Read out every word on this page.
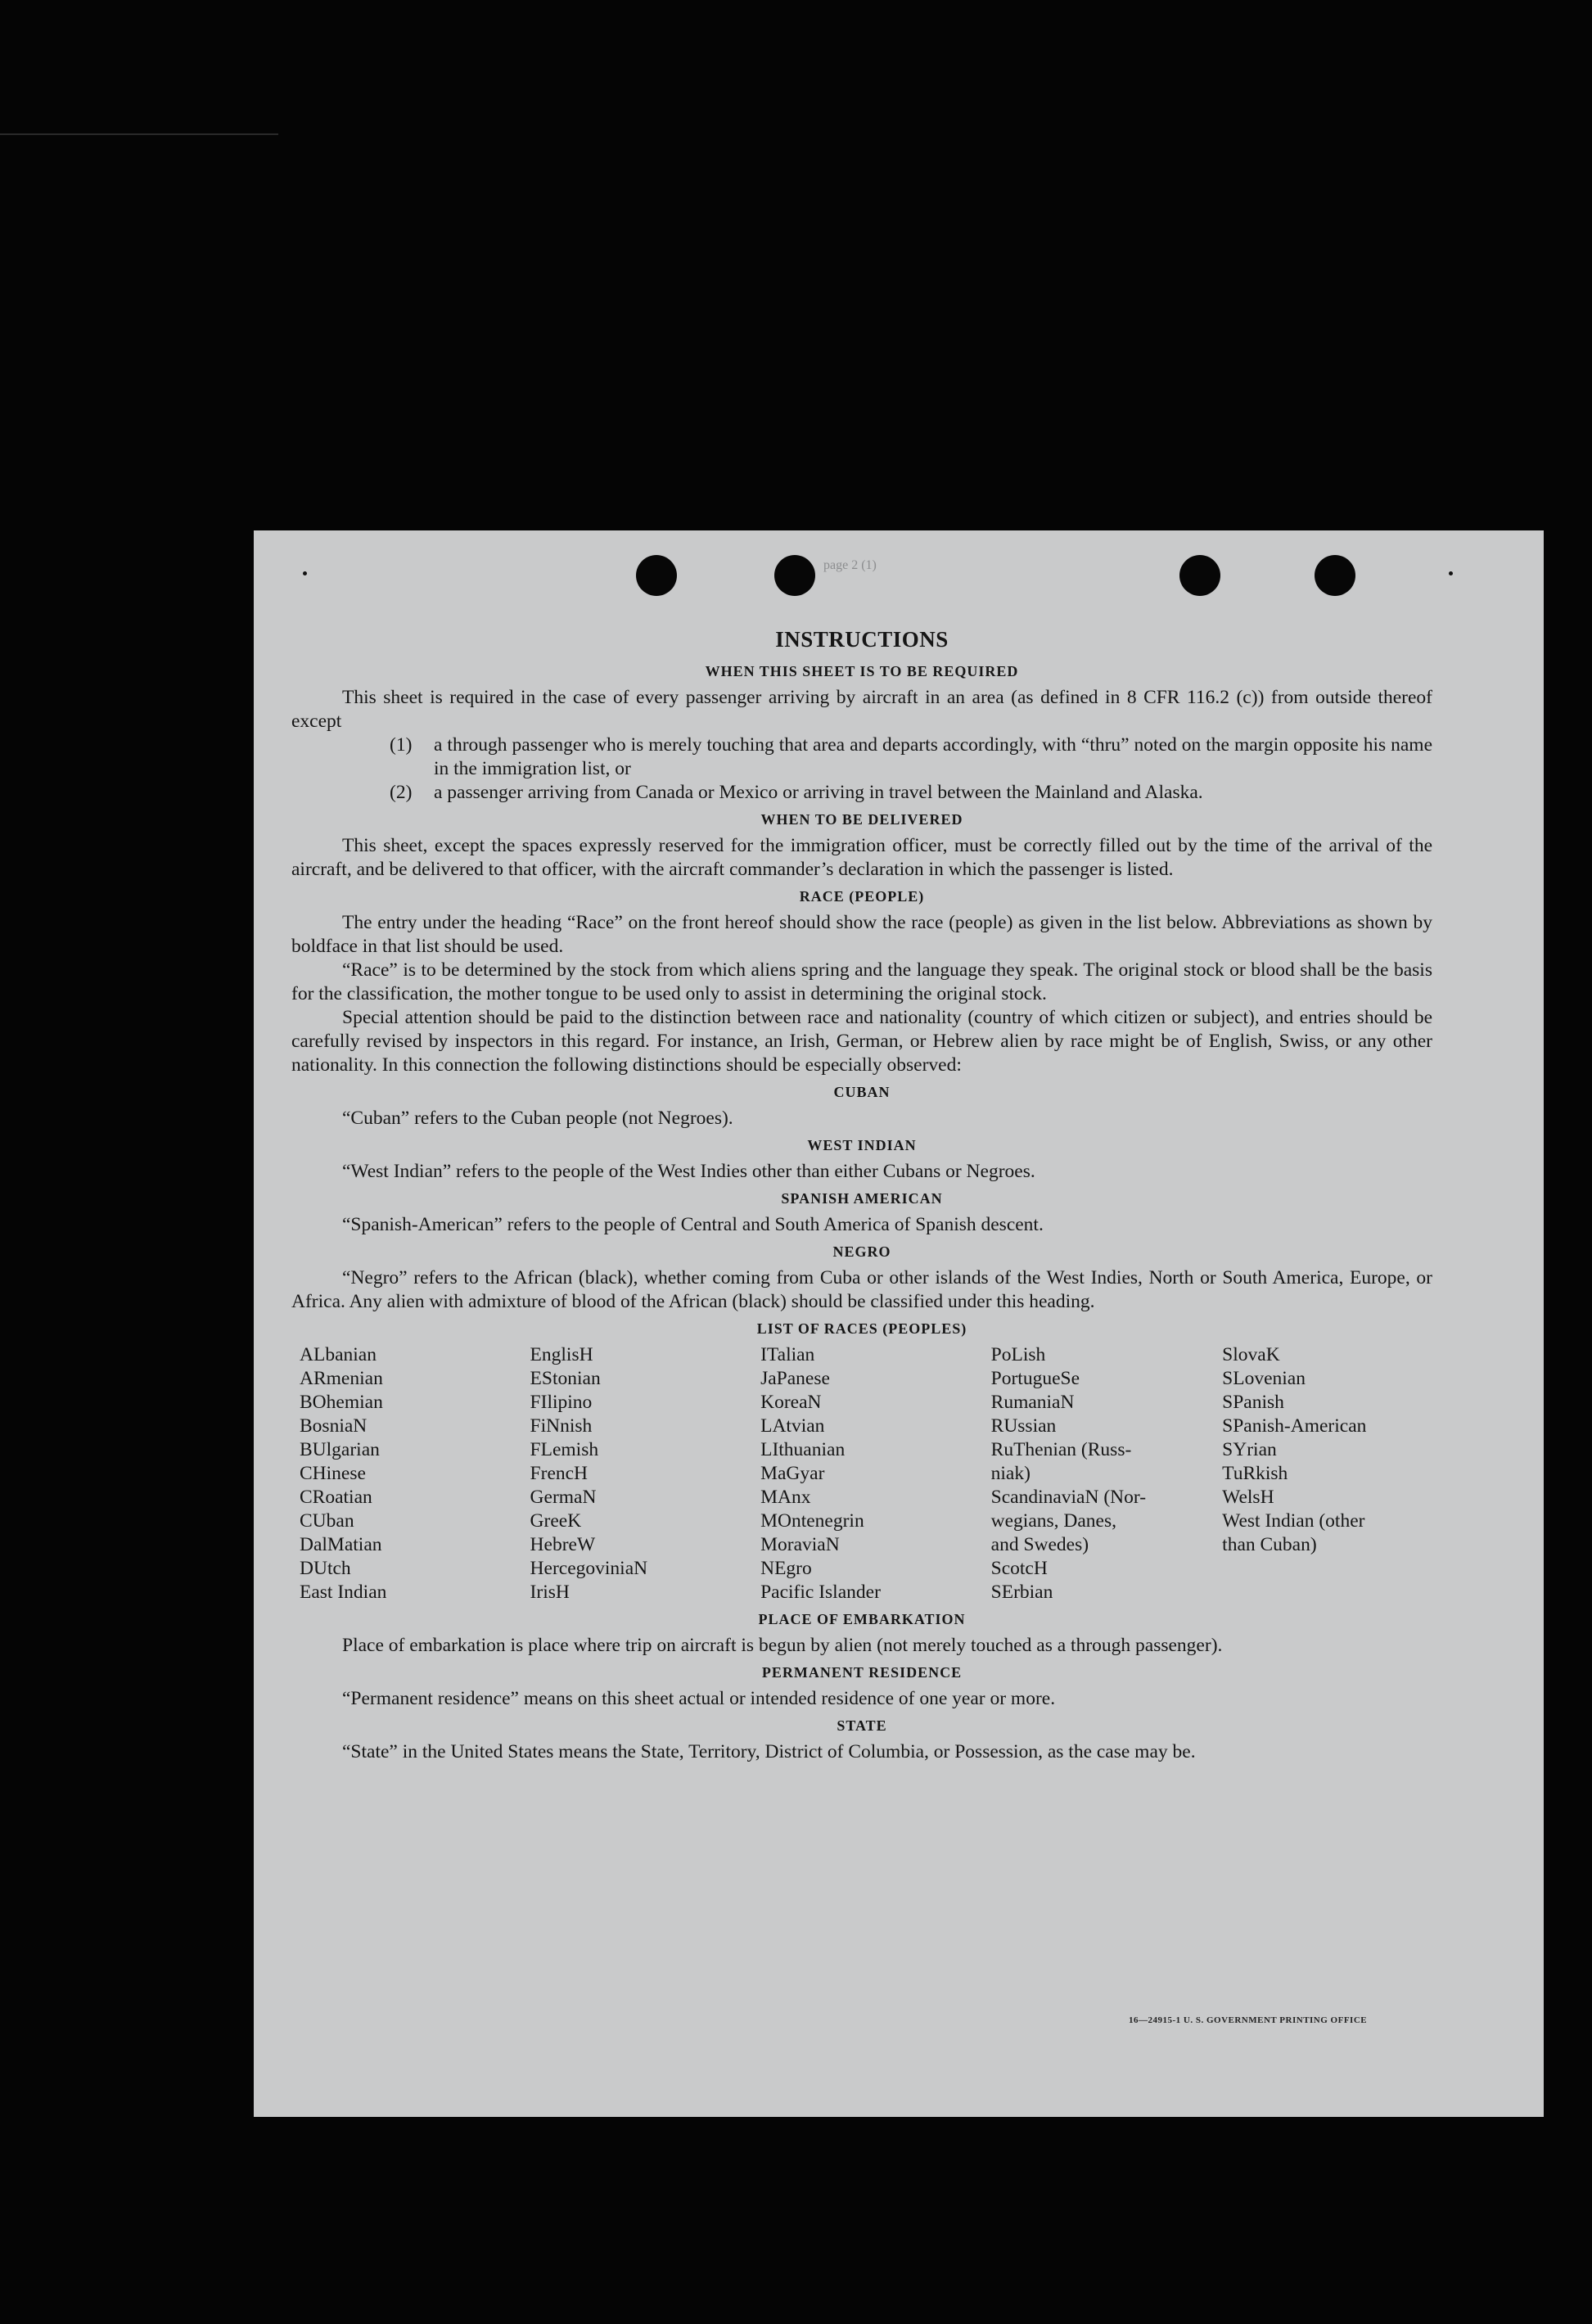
page 2 (1)
INSTRUCTIONS
WHEN THIS SHEET IS TO BE REQUIRED

This sheet is required in the case of every passenger arriving by aircraft in an area (as defined in 8 CFR 116.2 (c)) from outside thereof except

(1)	a through passenger who is merely touching that area and departs accordingly, with “thru” noted on the margin opposite his name in the immigration list, or
(2)	a passenger arriving from Canada or Mexico or arriving in travel between the Mainland and Alaska.
WHEN TO BE DELIVERED

This sheet, except the spaces expressly reserved for the immigration officer, must be correctly filled out by the time of the arrival of the aircraft, and be delivered to that officer, with the aircraft commander’s declaration in which the passenger is listed.

RACE (PEOPLE)

The entry under the heading “Race” on the front hereof should show the race (people) as given in the list below. Abbreviations as shown by boldface in that list should be used.

“Race” is to be determined by the stock from which aliens spring and the language they speak. The original stock or blood shall be the basis for the classification, the mother tongue to be used only to assist in determining the original stock.

Special attention should be paid to the distinction between race and nationality (country of which citizen or subject), and entries should be carefully revised by inspectors in this regard. For instance, an Irish, German, or Hebrew alien by race might be of English, Swiss, or any other nationality. In this connection the following distinctions should be especially observed:

CUBAN

“Cuban” refers to the Cuban people (not Negroes).

WEST INDIAN

“West Indian” refers to the people of the West Indies other than either Cubans or Negroes.

SPANISH AMERICAN

“Spanish-American” refers to the people of Central and South America of Spanish descent.

NEGRO

“Negro” refers to the African (black), whether coming from Cuba or other islands of the West Indies, North or South America, Europe, or Africa. Any alien with admixture of blood of the African (black) should be classified under this heading.

LIST OF RACES (PEOPLES)
ALbanian
ARmenian
BOhemian
BosniaN
BUlgarian
CHinese
CRoatian
CUban
DalMatian
DUtch
East Indian
EnglisH
EStonian
FIlipino
FiNnish
FLemish
FrencH
GermaN
GreeK
HebreW
HercegoviniaN
IrisH
ITalian
JaPanese
KoreaN
LAtvian
LIthuanian
MaGyar
MAnx
MOntenegrin
MoraviaN
NEgro
Pacific Islander
PoLish
PortugueSe
RumaniaN
RUssian
RuThenian (Russ-
niak)
ScandinaviaN (Nor-
wegians, Danes,
and Swedes)
ScotcH
SErbian
SlovaK
SLovenian
SPanish
SPanish-American
SYrian
TuRkish
WelsH
West Indian (other
than Cuban)
PLACE OF EMBARKATION

Place of embarkation is place where trip on aircraft is begun by alien (not merely touched as a through passenger).

PERMANENT RESIDENCE

“Permanent residence” means on this sheet actual or intended residence of one year or more.

STATE

“State” in the United States means the State, Territory, District of Columbia, or Possession, as the case may be.

16—24915-1 U. S. GOVERNMENT PRINTING OFFICE
